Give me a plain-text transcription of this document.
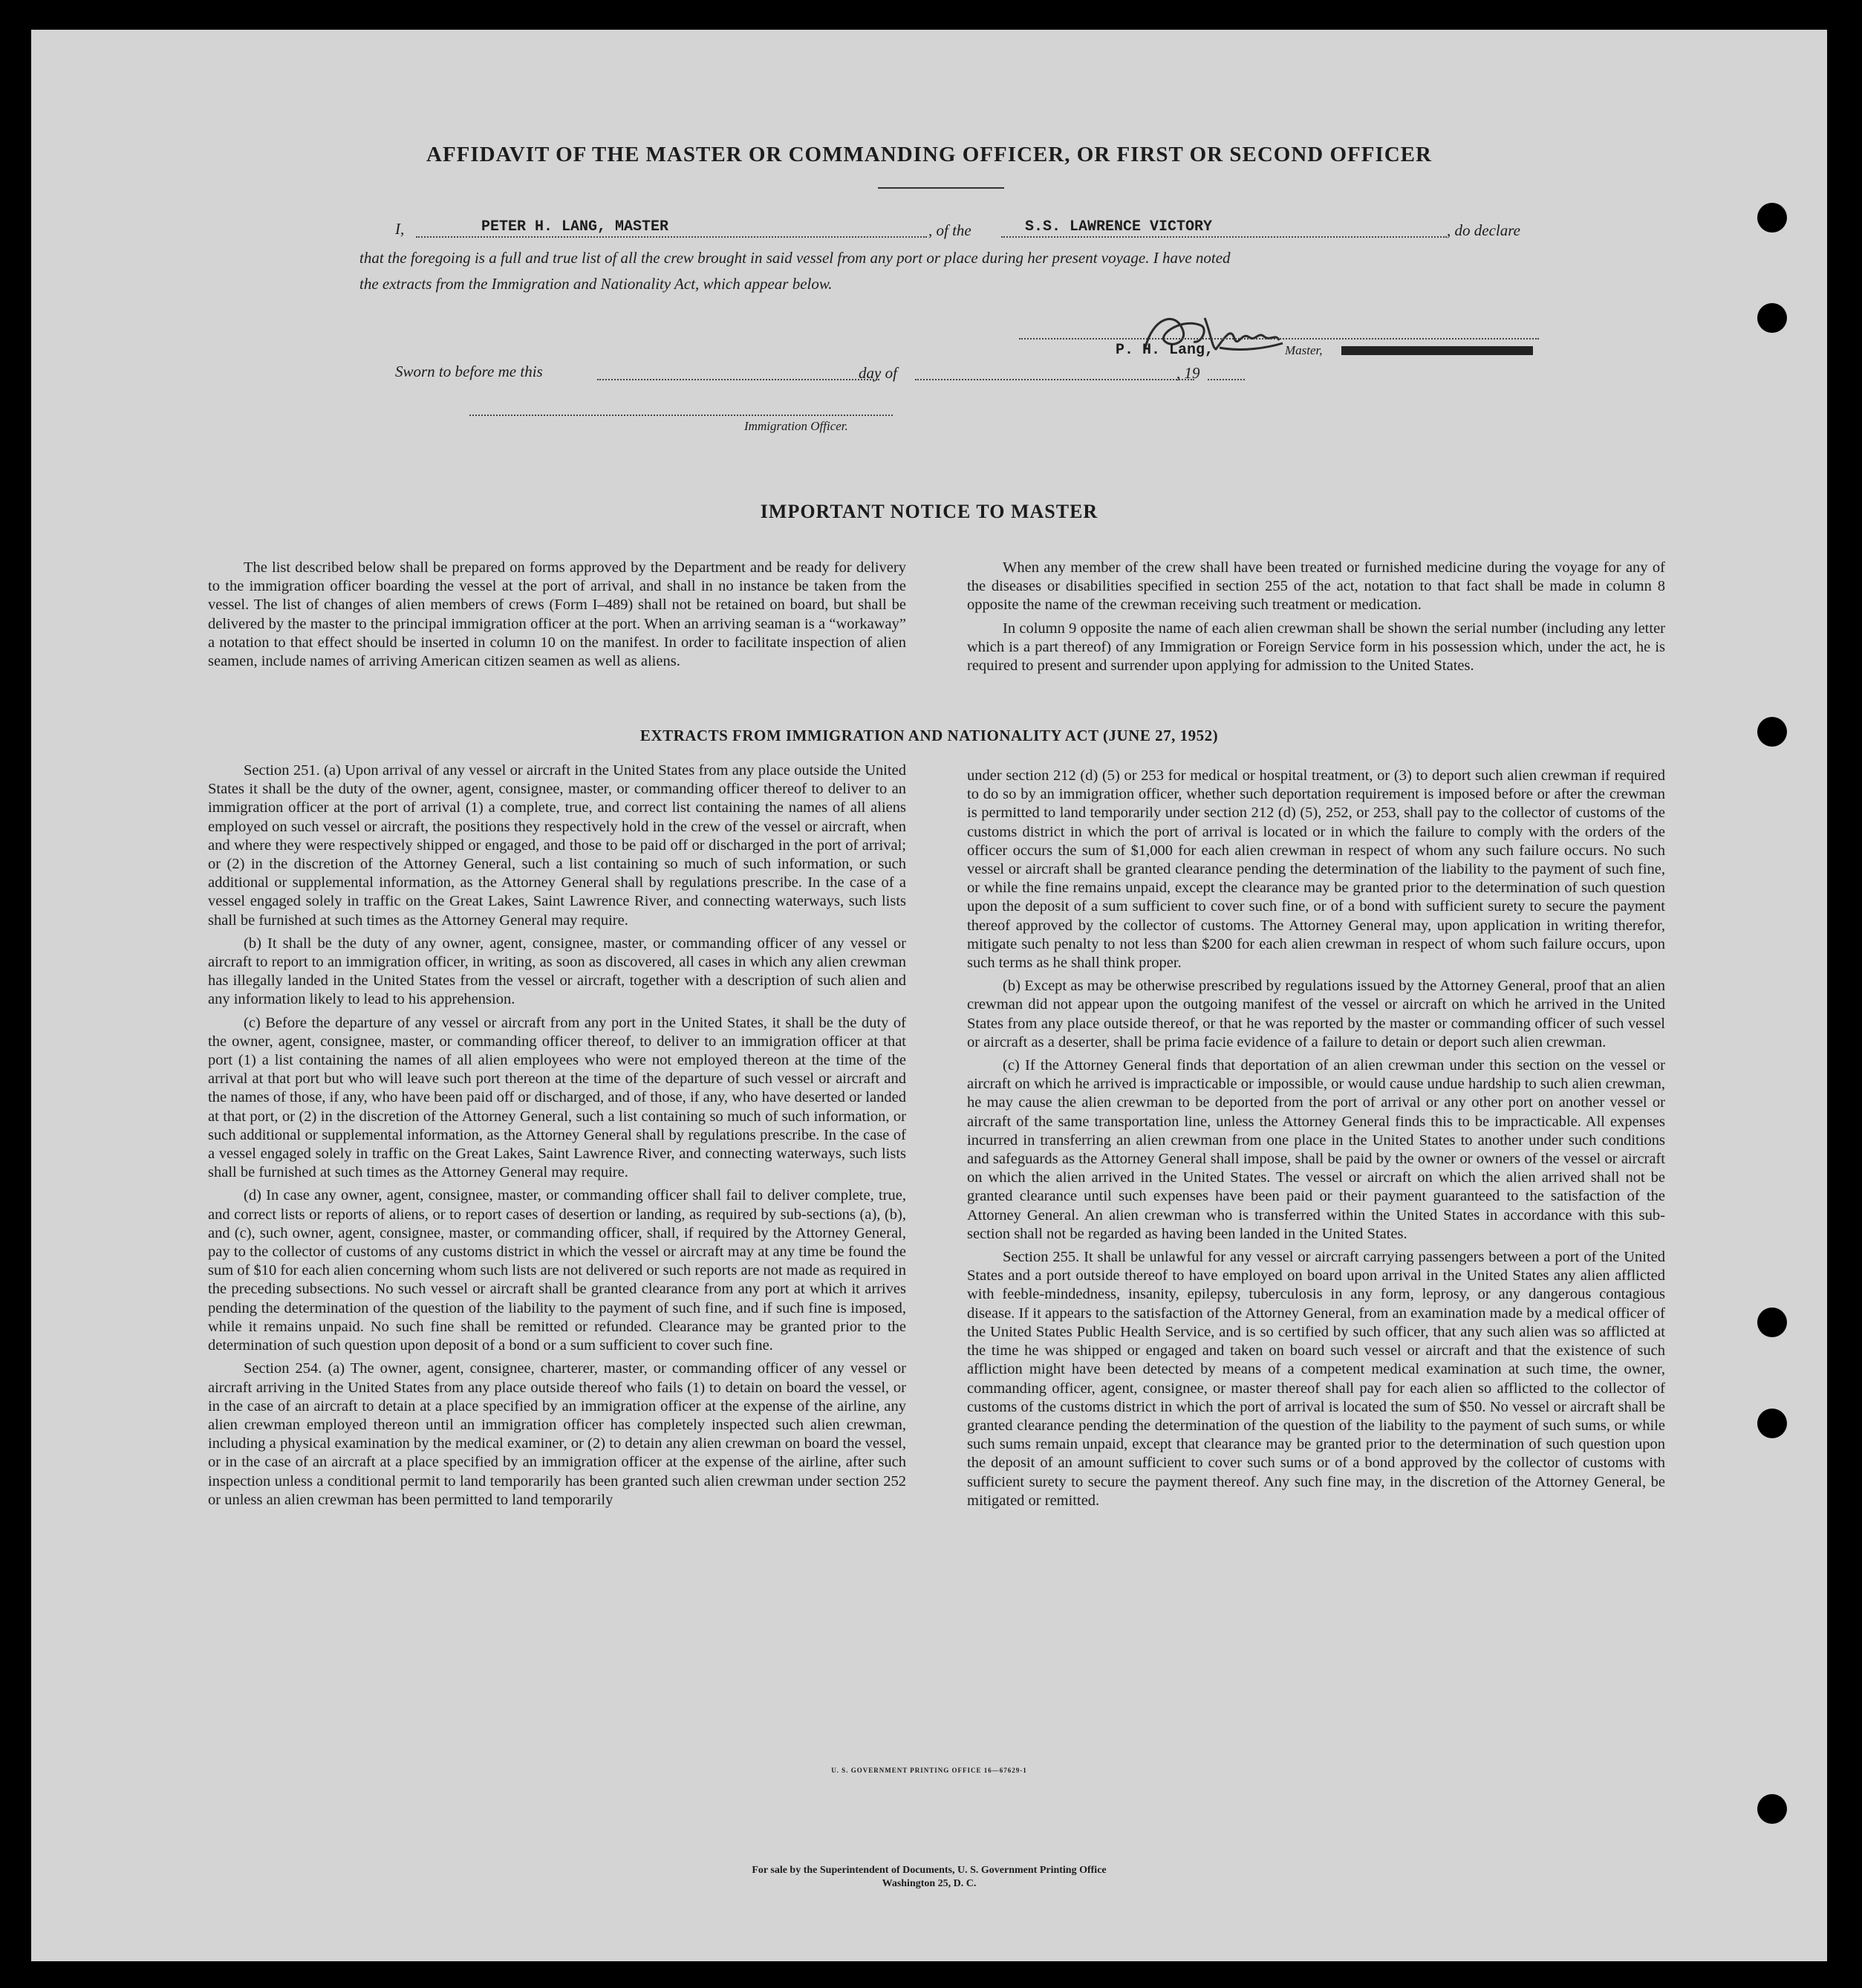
AFFIDAVIT OF THE MASTER OR COMMANDING OFFICER, OR FIRST OR SECOND OFFICER
I,	PETER H. LANG, MASTER	, of the	S.S. LAWRENCE VICTORY	, do declare
that the foregoing is a full and true list of all the crew brought in said vessel from any port or place during her present voyage. I have noted
the extracts from the Immigration and Nationality Act, which appear below.
P. H. Lang,	Master,
Sworn to before me this	day of	, 19
Immigration Officer.
IMPORTANT NOTICE TO MASTER

The list described below shall be prepared on forms approved by the Department and be ready for delivery to the immigration officer boarding the vessel at the port of arrival, and shall in no instance be taken from the vessel. The list of changes of alien members of crews (Form I–489) shall not be retained on board, but shall be delivered by the master to the principal immigration officer at the port. When an arriving seaman is a “workaway” a notation to that effect should be inserted in column 10 on the manifest. In order to facilitate inspection of alien seamen, include names of arriving American citizen seamen as well as aliens.

When any member of the crew shall have been treated or furnished medicine during the voyage for any of the diseases or disabilities specified in section 255 of the act, notation to that fact shall be made in column 8 opposite the name of the crewman receiving such treatment or medication.

In column 9 opposite the name of each alien crewman shall be shown the serial number (including any letter which is a part thereof) of any Immigration or Foreign Service form in his possession which, under the act, he is required to present and surrender upon applying for admission to the United States.

EXTRACTS FROM IMMIGRATION AND NATIONALITY ACT (JUNE 27, 1952)

Section 251. (a) Upon arrival of any vessel or aircraft in the United States from any place outside the United States it shall be the duty of the owner, agent, consignee, master, or commanding officer thereof to deliver to an immigration officer at the port of arrival (1) a complete, true, and correct list containing the names of all aliens employed on such vessel or aircraft, the positions they respectively hold in the crew of the vessel or aircraft, when and where they were respectively shipped or engaged, and those to be paid off or discharged in the port of arrival; or (2) in the discretion of the Attorney General, such a list containing so much of such information, or such additional or supplemental information, as the Attorney General shall by regulations prescribe. In the case of a vessel engaged solely in traffic on the Great Lakes, Saint Lawrence River, and connecting waterways, such lists shall be furnished at such times as the Attorney General may require.

(b) It shall be the duty of any owner, agent, consignee, master, or commanding officer of any vessel or aircraft to report to an immigration officer, in writing, as soon as discovered, all cases in which any alien crewman has illegally landed in the United States from the vessel or aircraft, together with a description of such alien and any information likely to lead to his apprehension.

(c) Before the departure of any vessel or aircraft from any port in the United States, it shall be the duty of the owner, agent, consignee, master, or commanding officer thereof, to deliver to an immigration officer at that port (1) a list containing the names of all alien employees who were not employed thereon at the time of the arrival at that port but who will leave such port thereon at the time of the departure of such vessel or aircraft and the names of those, if any, who have been paid off or discharged, and of those, if any, who have deserted or landed at that port, or (2) in the discretion of the Attorney General, such a list containing so much of such information, or such additional or supplemental information, as the Attorney General shall by regulations prescribe. In the case of a vessel engaged solely in traffic on the Great Lakes, Saint Lawrence River, and connecting waterways, such lists shall be furnished at such times as the Attorney General may require.

(d) In case any owner, agent, consignee, master, or commanding officer shall fail to deliver complete, true, and correct lists or reports of aliens, or to report cases of desertion or landing, as required by sub-sections (a), (b), and (c), such owner, agent, consignee, master, or commanding officer, shall, if required by the Attorney General, pay to the collector of customs of any customs district in which the vessel or aircraft may at any time be found the sum of $10 for each alien concerning whom such lists are not delivered or such reports are not made as required in the preceding subsections. No such vessel or aircraft shall be granted clearance from any port at which it arrives pending the determination of the question of the liability to the payment of such fine, and if such fine is imposed, while it remains unpaid. No such fine shall be remitted or refunded. Clearance may be granted prior to the determination of such question upon deposit of a bond or a sum sufficient to cover such fine.

Section 254. (a) The owner, agent, consignee, charterer, master, or commanding officer of any vessel or aircraft arriving in the United States from any place outside thereof who fails (1) to detain on board the vessel, or in the case of an aircraft to detain at a place specified by an immigration officer at the expense of the airline, any alien crewman employed thereon until an immigration officer has completely inspected such alien crewman, including a physical examination by the medical examiner, or (2) to detain any alien crewman on board the vessel, or in the case of an aircraft at a place specified by an immigration officer at the expense of the airline, after such inspection unless a conditional permit to land temporarily has been granted such alien crewman under section 252 or unless an alien crewman has been permitted to land temporarily

under section 212 (d) (5) or 253 for medical or hospital treatment, or (3) to deport such alien crewman if required to do so by an immigration officer, whether such deportation requirement is imposed before or after the crewman is permitted to land temporarily under section 212 (d) (5), 252, or 253, shall pay to the collector of customs of the customs district in which the port of arrival is located or in which the failure to comply with the orders of the officer occurs the sum of $1,000 for each alien crewman in respect of whom any such failure occurs. No such vessel or aircraft shall be granted clearance pending the determination of the liability to the payment of such fine, or while the fine remains unpaid, except the clearance may be granted prior to the determination of such question upon the deposit of a sum sufficient to cover such fine, or of a bond with sufficient surety to secure the payment thereof approved by the collector of customs. The Attorney General may, upon application in writing therefor, mitigate such penalty to not less than $200 for each alien crewman in respect of whom such failure occurs, upon such terms as he shall think proper.

(b) Except as may be otherwise prescribed by regulations issued by the Attorney General, proof that an alien crewman did not appear upon the outgoing manifest of the vessel or aircraft on which he arrived in the United States from any place outside thereof, or that he was reported by the master or commanding officer of such vessel or aircraft as a deserter, shall be prima facie evidence of a failure to detain or deport such alien crewman.

(c) If the Attorney General finds that deportation of an alien crewman under this section on the vessel or aircraft on which he arrived is impracticable or impossible, or would cause undue hardship to such alien crewman, he may cause the alien crewman to be deported from the port of arrival or any other port on another vessel or aircraft of the same transportation line, unless the Attorney General finds this to be impracticable. All expenses incurred in transferring an alien crewman from one place in the United States to another under such conditions and safeguards as the Attorney General shall impose, shall be paid by the owner or owners of the vessel or aircraft on which the alien arrived in the United States. The vessel or aircraft on which the alien arrived shall not be granted clearance until such expenses have been paid or their payment guaranteed to the satisfaction of the Attorney General. An alien crewman who is transferred within the United States in accordance with this sub-section shall not be regarded as having been landed in the United States.

Section 255. It shall be unlawful for any vessel or aircraft carrying passengers between a port of the United States and a port outside thereof to have employed on board upon arrival in the United States any alien afflicted with feeble-mindedness, insanity, epilepsy, tuberculosis in any form, leprosy, or any dangerous contagious disease. If it appears to the satisfaction of the Attorney General, from an examination made by a medical officer of the United States Public Health Service, and is so certified by such officer, that any such alien was so afflicted at the time he was shipped or engaged and taken on board such vessel or aircraft and that the existence of such affliction might have been detected by means of a competent medical examination at such time, the owner, commanding officer, agent, consignee, or master thereof shall pay for each alien so afflicted to the collector of customs of the customs district in which the port of arrival is located the sum of $50. No vessel or aircraft shall be granted clearance pending the determination of the question of the liability to the payment of such sums, or while such sums remain unpaid, except that clearance may be granted prior to the determination of such question upon the deposit of an amount sufficient to cover such sums or of a bond approved by the collector of customs with sufficient surety to secure the payment thereof. Any such fine may, in the discretion of the Attorney General, be mitigated or remitted.

U. S. GOVERNMENT PRINTING OFFICE 16—67629-1
For sale by the Superintendent of Documents, U. S. Government Printing Office
Washington 25, D. C.
